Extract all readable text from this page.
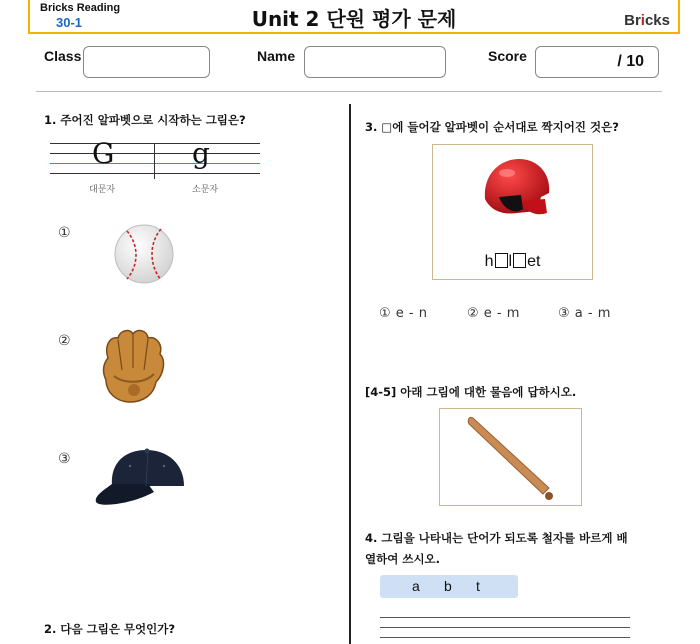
Bricks Reading
30-1	Unit 2 단원 평가 문제	Bricks
Class	Name	Score	/ 10
1. 주어진 알파벳으로 시작하는 그림은?
G	g
대문자	소문자
①
②
③
2. 다음 그림은 무엇인가?
3. □에 들어갈 알파벳이 순서대로 짝지어진 것은?
h l et
① e - n	② e - m	③ a - m
[4-5] 아래 그림에 대한 물음에 답하시오.
4. 그림을 나타내는 단어가 되도록 철자를 바르게 배
열하여 쓰시오.
a b t
